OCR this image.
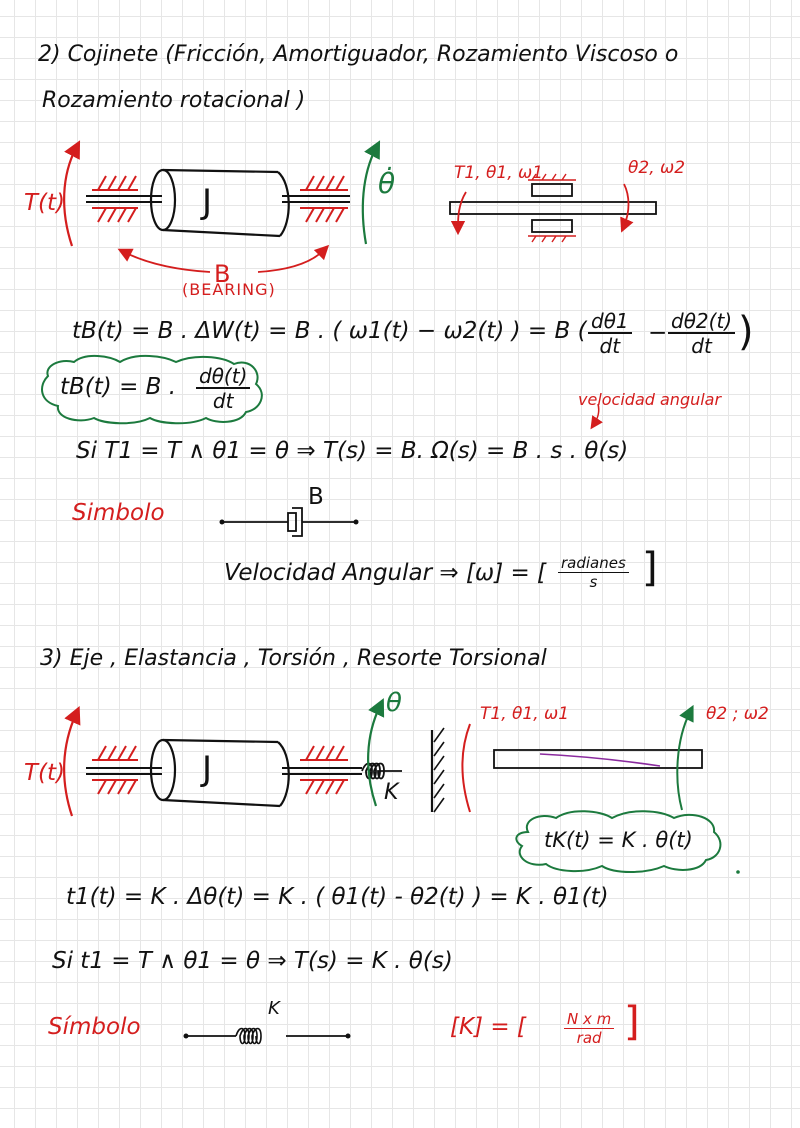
2) Cojinete (Fricción, Amortiguador, Rozamiento Viscoso o
Rozamiento rotacional )
T(t)	J	θ̇	T1, θ1, ω1	θ2, ω2
B
(BEARING)
tB(t) = B . ΔW(t) = B . ( ω1(t) − ω2(t) ) = B ( $\frac{d\theta 1}{dt} - \frac{d\theta 2(t)}{dt}$ )
tB(t) = B . $\frac{d\theta(t)}{dt}$	velocidad angular
Si T1 = T ∧ θ1 = θ ⇒ T(s) = B. Ω(s) = B . s . θ(s)
Simbolo
B
Velocidad Angular ⇒ [ω] = [ radianes
s ]
3) Eje , Elastancia , Torsión , Resorte Torsional
T(t)	J
θ
K
T1, θ1, ω1	θ2 ; ω2
tK(t) = K . θ(t)
t1(t) = K . Δθ(t) = K . ( θ1(t) - θ2(t) ) = K . θ1(t)
Si t1 = T ∧ θ1 = θ ⇒ T(s) = K . θ(s)
Símbolo
K
[K] = [	N x m
rad ]
